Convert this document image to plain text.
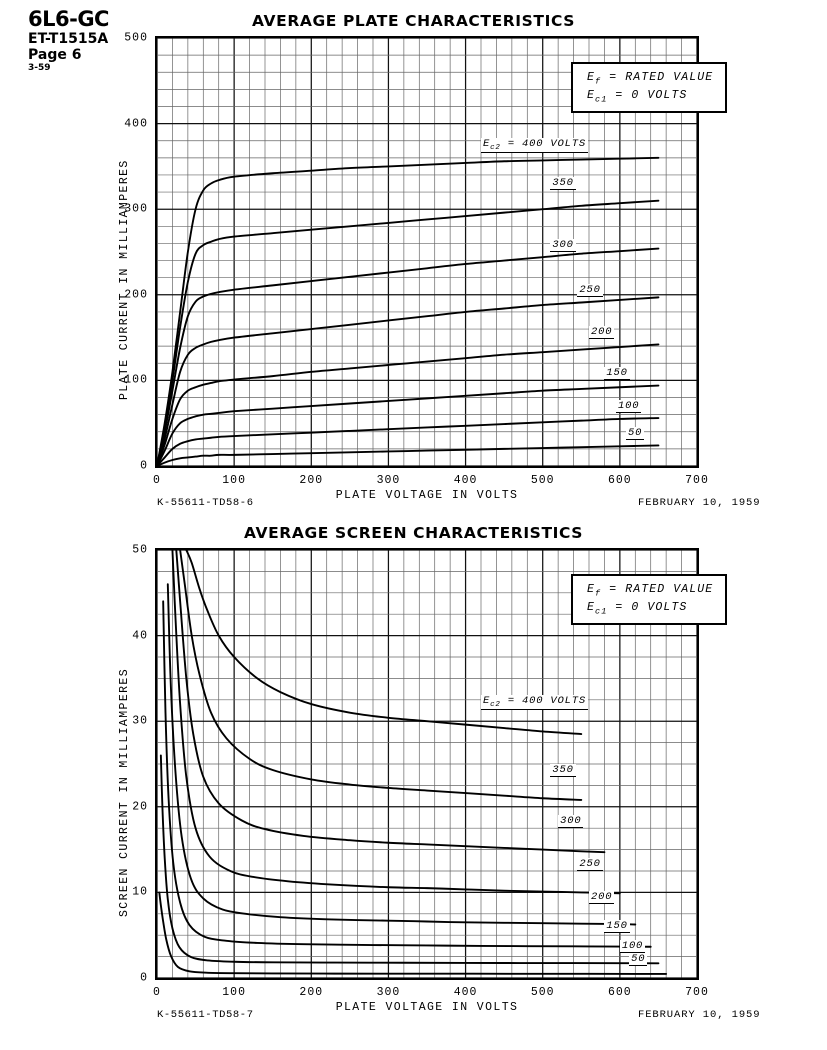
6L6-GC
ET-T1515A
Page 6
3-59
AVERAGE PLATE CHARACTERISTICS
$E_f$ = RATED VALUE
$E_{c1} = 0$ VOLTS
PLATE CURRENT IN MILLIAMPERES
PLATE VOLTAGE IN VOLTS
K-55611-TD58-6	FEBRUARY 10, 1959
0
100
200
300
400
500
0	100	200	300	400	500	600	700
$E_{c2} = 400$ VOLTS
350
300
250
200
150
100
50
AVERAGE SCREEN CHARACTERISTICS
$E_f$ = RATED VALUE
$E_{c1} = 0$ VOLTS
SCREEN CURRENT IN MILLIAMPERES
PLATE VOLTAGE IN VOLTS
K-55611-TD58-7	FEBRUARY 10, 1959
0
10
20
30
40
50
0	100	200	300	400	500	600	700
$E_{c2} = 400$ VOLTS
350
300
250
200
150
100
50
